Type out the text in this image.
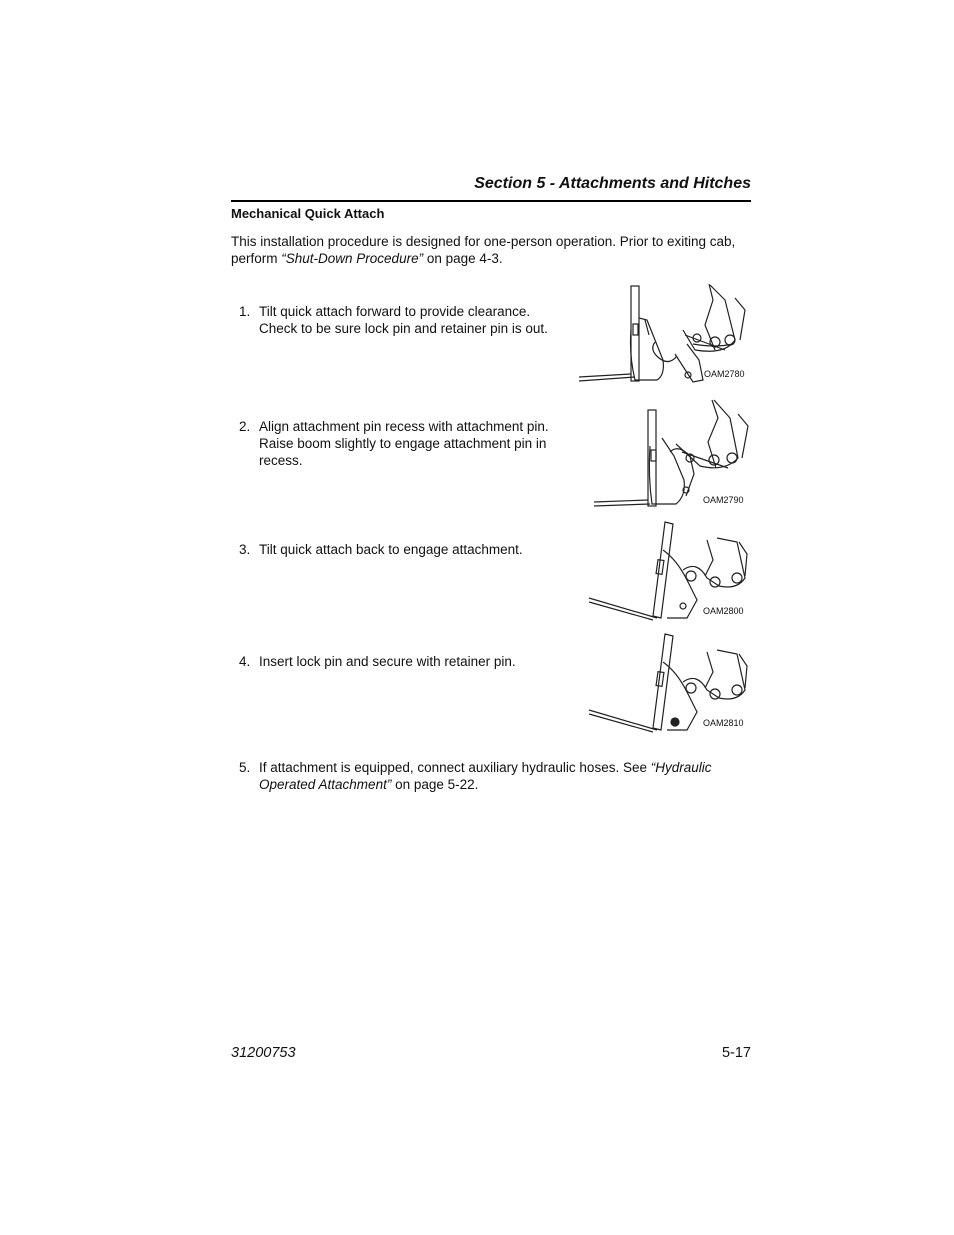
Section 5 - Attachments and Hitches
Mechanical Quick Attach

This installation procedure is designed for one-person operation. Prior to exiting cab, perform “Shut-Down Procedure” on page 4-3.

1. Tilt quick attach forward to provide clearance. Check to be sure lock pin and retainer pin is out.
OAM2780
2. Align attachment pin recess with attachment pin. Raise boom slightly to engage attachment pin in recess.
OAM2790
3. Tilt quick attach back to engage attachment.
OAM2800
4. Insert lock pin and secure with retainer pin.
OAM2810
5. If attachment is equipped, connect auxiliary hydraulic hoses. See “Hydraulic Operated Attachment” on page 5-22.
31200753	5-17
